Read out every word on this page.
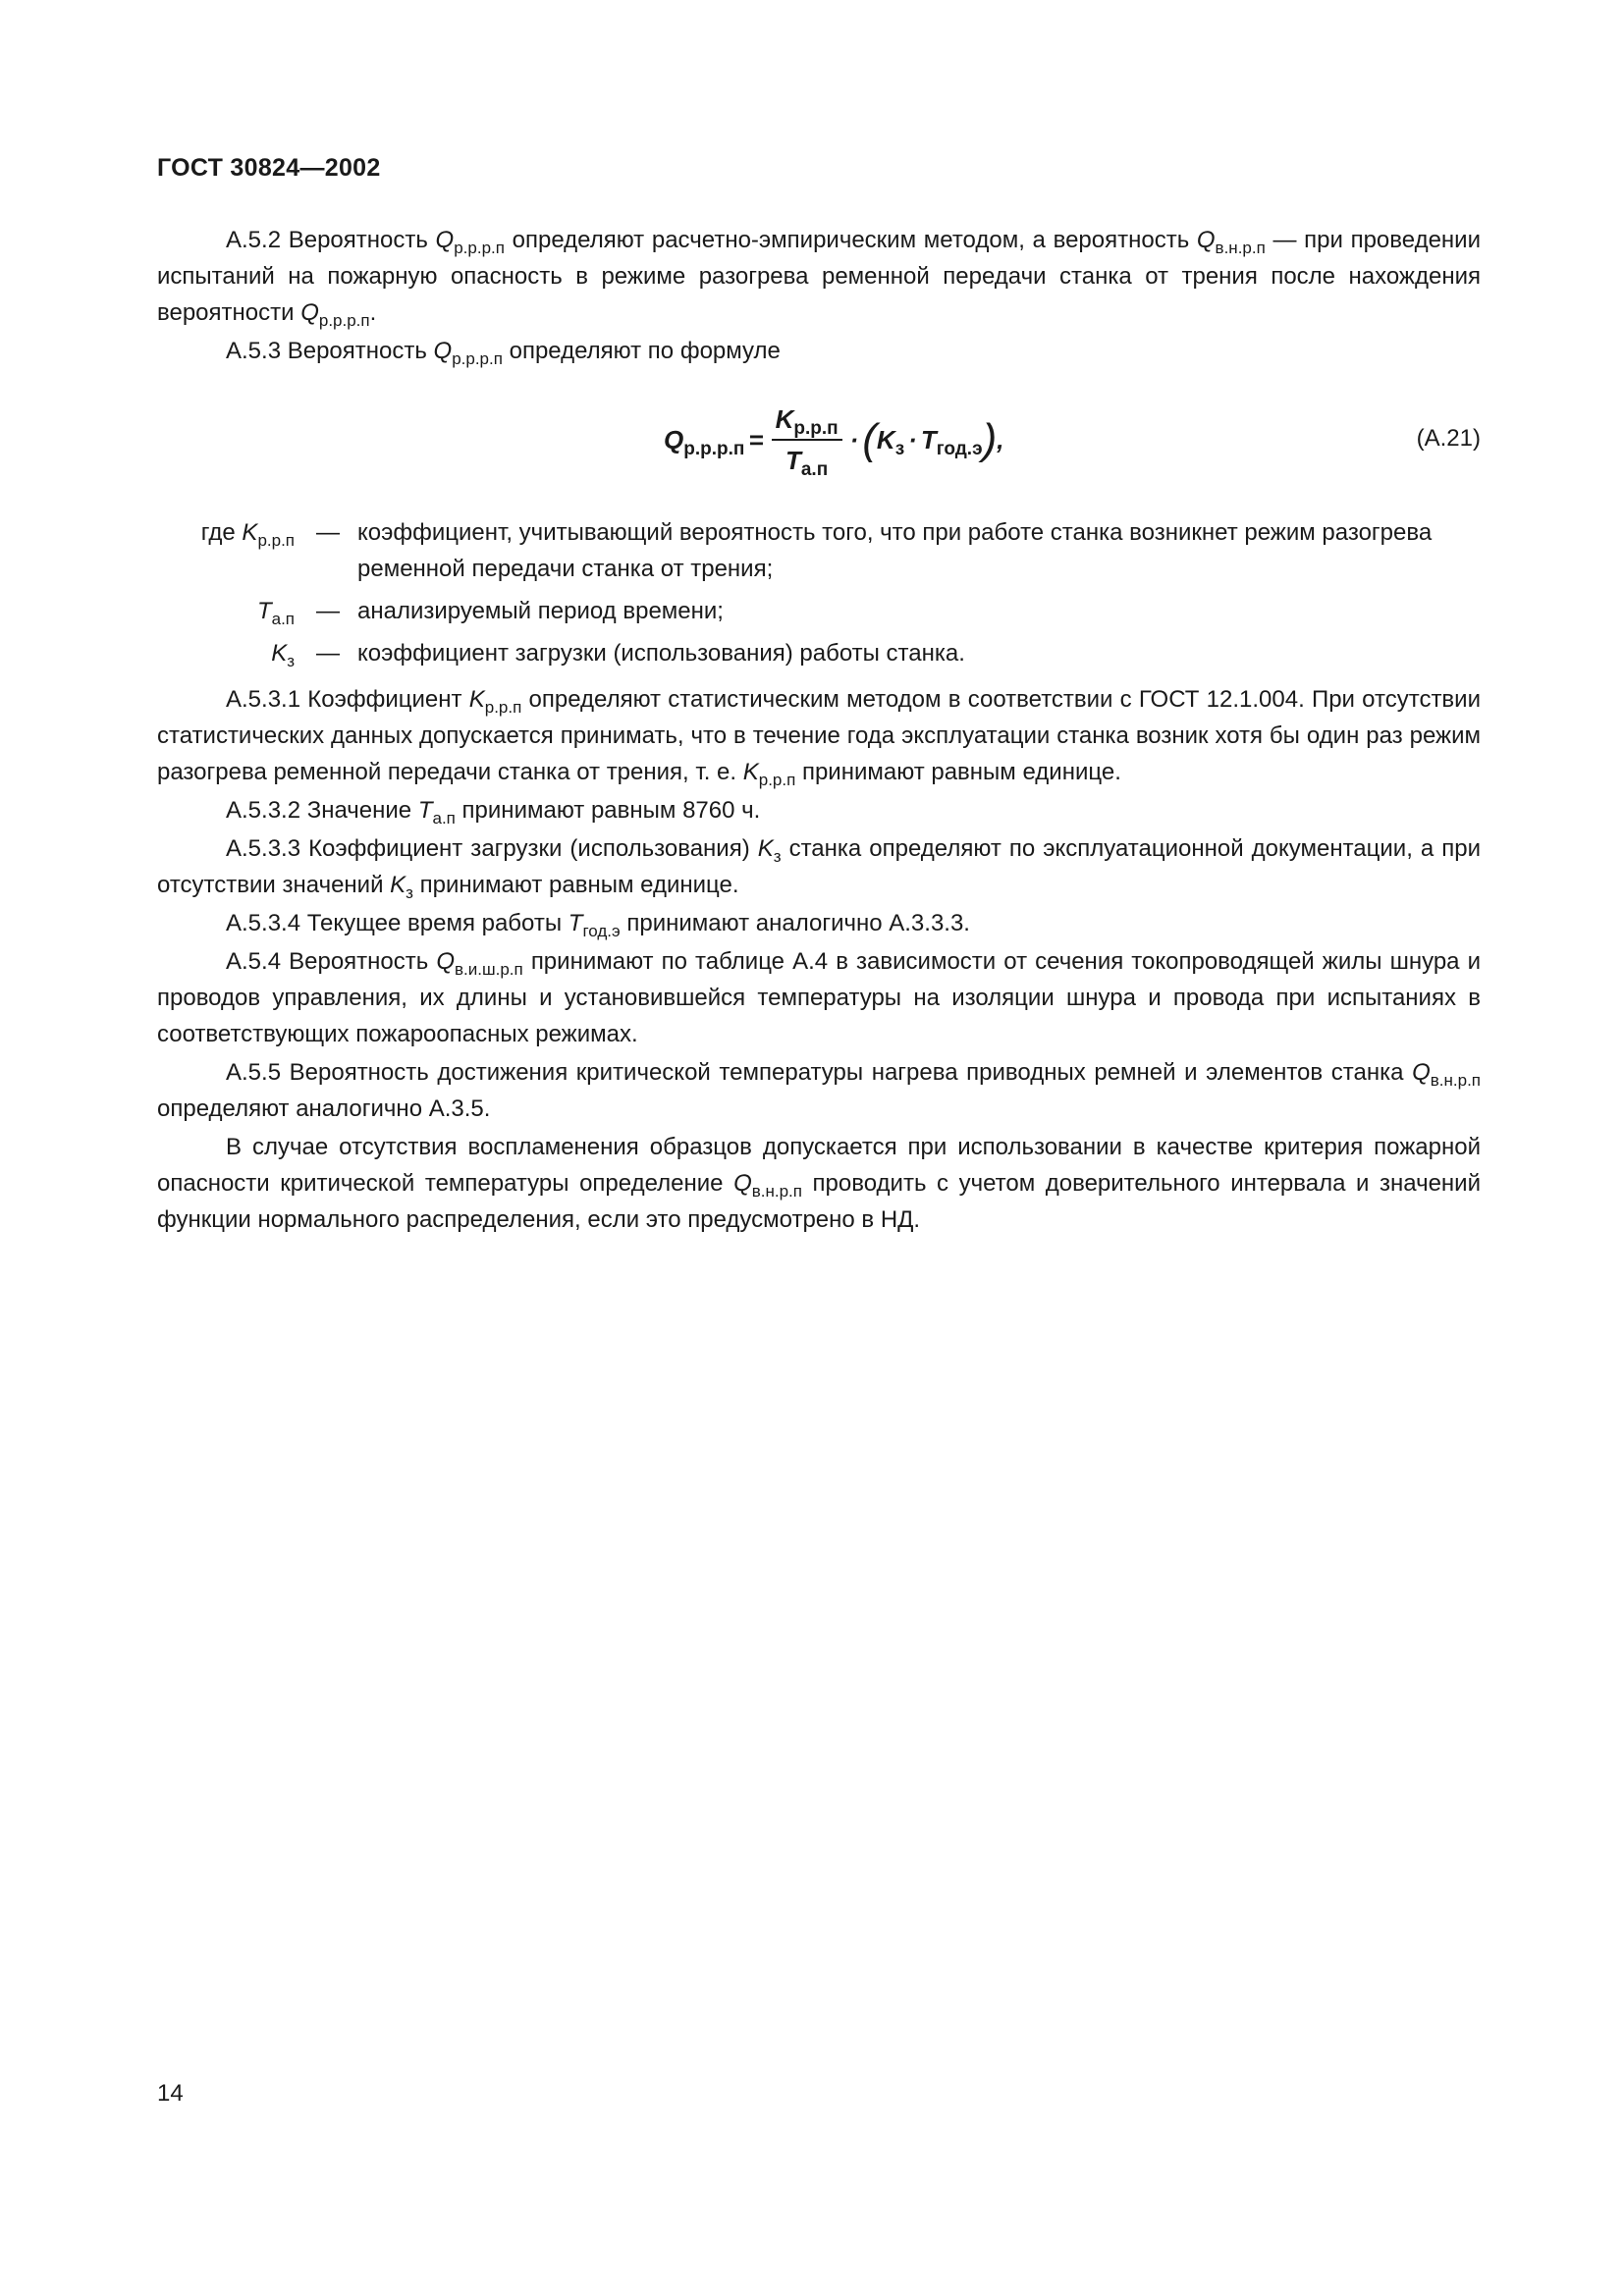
ГОСТ 30824—2002

А.5.2 Вероятность $Q_{р.р.р.п}$ определяют расчетно-эмпирическим методом, а вероятность $Q_{в.н.р.п}$ — при проведении испытаний на пожарную опасность в режиме разогрева ременной передачи станка от трения после нахождения вероятности $Q_{р.р.р.п}$.

А.5.3 Вероятность $Q_{р.р.р.п}$ определяют по формуле

$Q_{р.р.р.п} = \frac{K_{р.р.п}}{T_{а.п}}$ · ( $K_з \cdot T_{год.э}$ ) ,	(А.21)
где $K_{р.р.п}$ — коэффициент, учитывающий вероятность того, что при работе станка возникнет режим разогрева ременной передачи станка от трения;
$T_{а.п}$ — анализируемый период времени;
$K_з$ — коэффициент загрузки (использования) работы станка.

А.5.3.1 Коэффициент $K_{р.р.п}$ определяют статистическим методом в соответствии с ГОСТ 12.1.004. При отсутствии статистических данных допускается принимать, что в течение года эксплуатации станка возник хотя бы один раз режим разогрева ременной передачи станка от трения, т. е. $K_{р.р.п}$ принимают равным единице.

А.5.3.2 Значение $T_{а.п}$ принимают равным 8760 ч.

А.5.3.3 Коэффициент загрузки (использования) $K_з$ станка определяют по эксплуатационной документации, а при отсутствии значений $K_з$ принимают равным единице.

А.5.3.4 Текущее время работы $T_{год.э}$ принимают аналогично А.3.3.3.

А.5.4 Вероятность $Q_{в.и.ш.р.п}$ принимают по таблице А.4 в зависимости от сечения токопроводящей жилы шнура и проводов управления, их длины и установившейся температуры на изоляции шнура и провода при испытаниях в соответствующих пожароопасных режимах.

А.5.5 Вероятность достижения критической температуры нагрева приводных ремней и элементов станка $Q_{в.н.р.п}$ определяют аналогично А.3.5.

В случае отсутствия воспламенения образцов допускается при использовании в качестве критерия пожарной опасности критической температуры определение $Q_{в.н.р.п}$ проводить с учетом доверительного интервала и значений функции нормального распределения, если это предусмотрено в НД.

14
